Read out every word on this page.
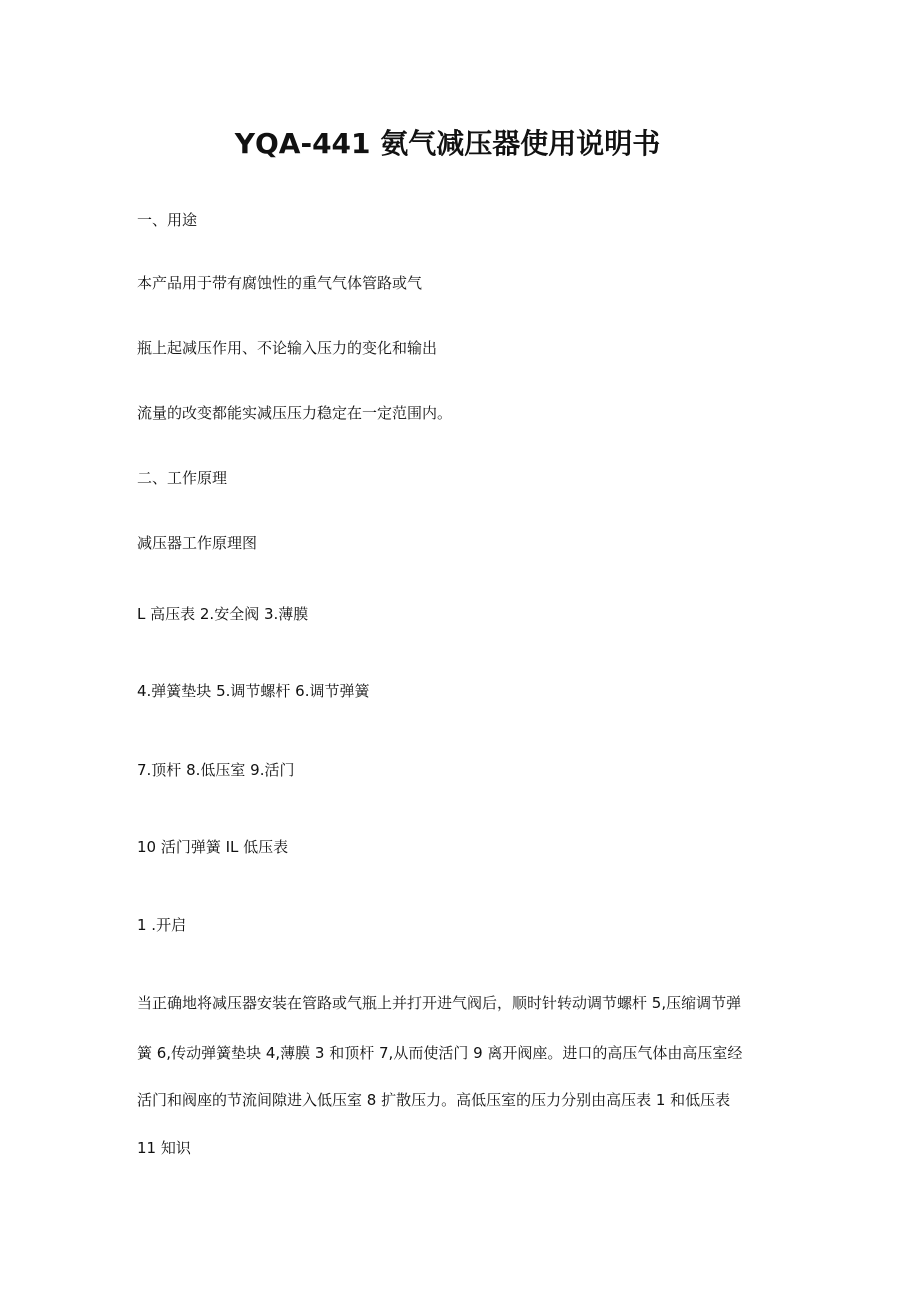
YQA-441 氨气减压器使用说明书
一、用途
本产品用于带有腐蚀性的重气气体管路或气
瓶上起减压作用、不论输入压力的变化和输出
流量的改变都能实减压压力稳定在一定范围内。
二、工作原理
减压器工作原理图
L 高压表 2.安全阀 3.薄膜
4.弹簧垫块 5.调节螺杆 6.调节弹簧
7.顶杆 8.低压室 9.活门
10 活门弹簧 IL 低压表
1 .开启
当正确地将减压器安装在管路或气瓶上并打开进气阀后，顺时针转动调节螺杆 5,压缩调节弹
簧 6,传动弹簧垫块 4,薄膜 3 和顶杆 7,从而使活门 9 离开阀座。进口的高压气体由高压室经
活门和阀座的节流间隙进入低压室 8 扩散压力。高低压室的压力分别由高压表 1 和低压表
11 知识
